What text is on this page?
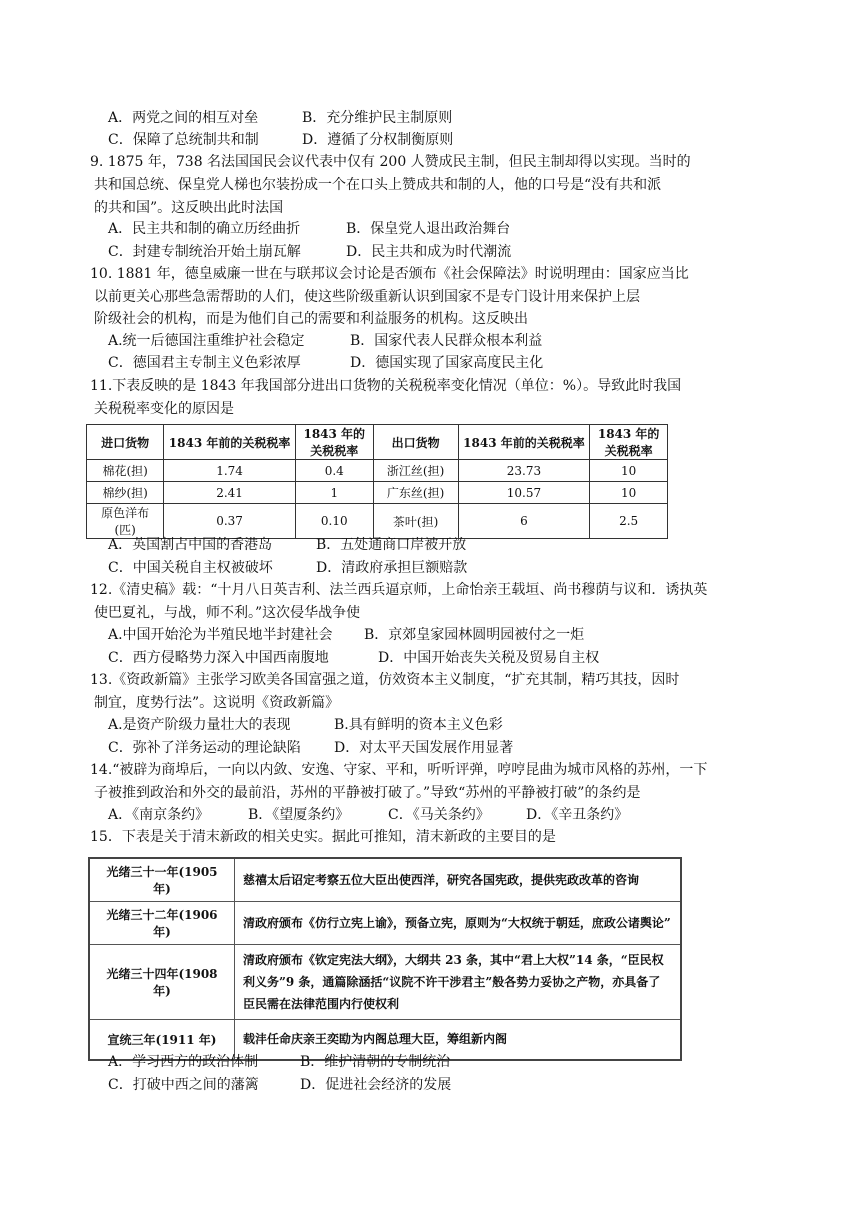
A．两党之间的相互对垒	B．充分维护民主制原则
C．保障了总统制共和制	D．遵循了分权制衡原则
9. 1875 年，738 名法国国民会议代表中仅有 200 人赞成民主制，但民主制却得以实现。当时的
共和国总统、保皇党人梯也尔装扮成一个在口头上赞成共和制的人，他的口号是“没有共和派
的共和国”。这反映出此时法国
A．民主共和制的确立历经曲折	B．保皇党人退出政治舞台
C．封建专制统治开始土崩瓦解	D．民主共和成为时代潮流
10. 1881 年，德皇威廉一世在与联邦议会讨论是否颁布《社会保障法》时说明理由：国家应当比
以前更关心那些急需帮助的人们，使这些阶级重新认识到国家不是专门设计用来保护上层
阶级社会的机构，而是为他们自己的需要和利益服务的机构。这反映出
A.统一后德国注重维护社会稳定	B．国家代表人民群众根本利益
C．德国君主专制主义色彩浓厚	D．德国实现了国家高度民主化
11.下表反映的是 1843 年我国部分进出口货物的关税税率变化情况（单位：%）。导致此时我国
关税税率变化的原因是
进口货物	1843 年前的关税税率	1843 年的关税税率	出口货物	1843 年前的关税税率	1843 年的关税税率
棉花(担)	1.74	0.4	浙江丝(担)	23.73	10
棉纱(担)	2.41	1	广东丝(担)	10.57	10
原色洋布(匹)	0.37	0.10	茶叶(担)	6	2.5
A．英国割占中国的香港岛	B．五处通商口岸被开放
C．中国关税自主权被破坏	D．清政府承担巨额赔款
12.《清史稿》载：“十月八日英吉利、法兰西兵逼京师，上命怡亲王载垣、尚书穆荫与议和．诱执英
使巴夏礼，与战，师不利。”这次侵华战争使
A.中国开始沦为半殖民地半封建社会 B．京郊皇家园林圆明园被付之一炬
C．西方侵略势力深入中国西南腹地	D．中国开始丧失关税及贸易自主权
13.《资政新篇》主张学习欧美各国富强之道，仿效资本主义制度，“扩充其制，精巧其技，因时
制宜，度势行法”。这说明《资政新篇》
A.是资产阶级力量壮大的表现	B.具有鲜明的资本主义色彩
C．弥补了洋务运动的理论缺陷 D．对太平天国发展作用显著
14.“被辟为商埠后，一向以内敛、安逸、守家、平和，听听评弹，哼哼昆曲为城市风格的苏州，一下
子被推到政治和外交的最前沿，苏州的平静被打破了。”导致“苏州的平静被打破”的条约是
A．《南京条约》	B．《望厦条约》	C．《马关条约》	D．《辛丑条约》
15．下表是关于清末新政的相关史实。据此可推知，清末新政的主要目的是
光绪三十一年(1905 年)	慈禧太后诏定考察五位大臣出使西洋，研究各国宪政，提供宪政改革的咨询
光绪三十二年(1906 年)	清政府颁布《仿行立宪上谕》，预备立宪，原则为“大权统于朝廷，庶政公诸舆论”
光绪三十四年(1908 年)	清政府颁布《钦定宪法大纲》，大纲共 23 条，其中“君上大权”14 条，“臣民权利义务”9 条，通篇除涵括“议院不许干涉君主”般各势力妥协之产物，亦具备了臣民需在法律范围内行使权利
宣统三年(1911 年)	载沣任命庆亲王奕劻为内阁总理大臣，筹组新内阁
A．学习西方的政治体制	B．维护清朝的专制统治
C．打破中西之间的藩篱	D．促进社会经济的发展
